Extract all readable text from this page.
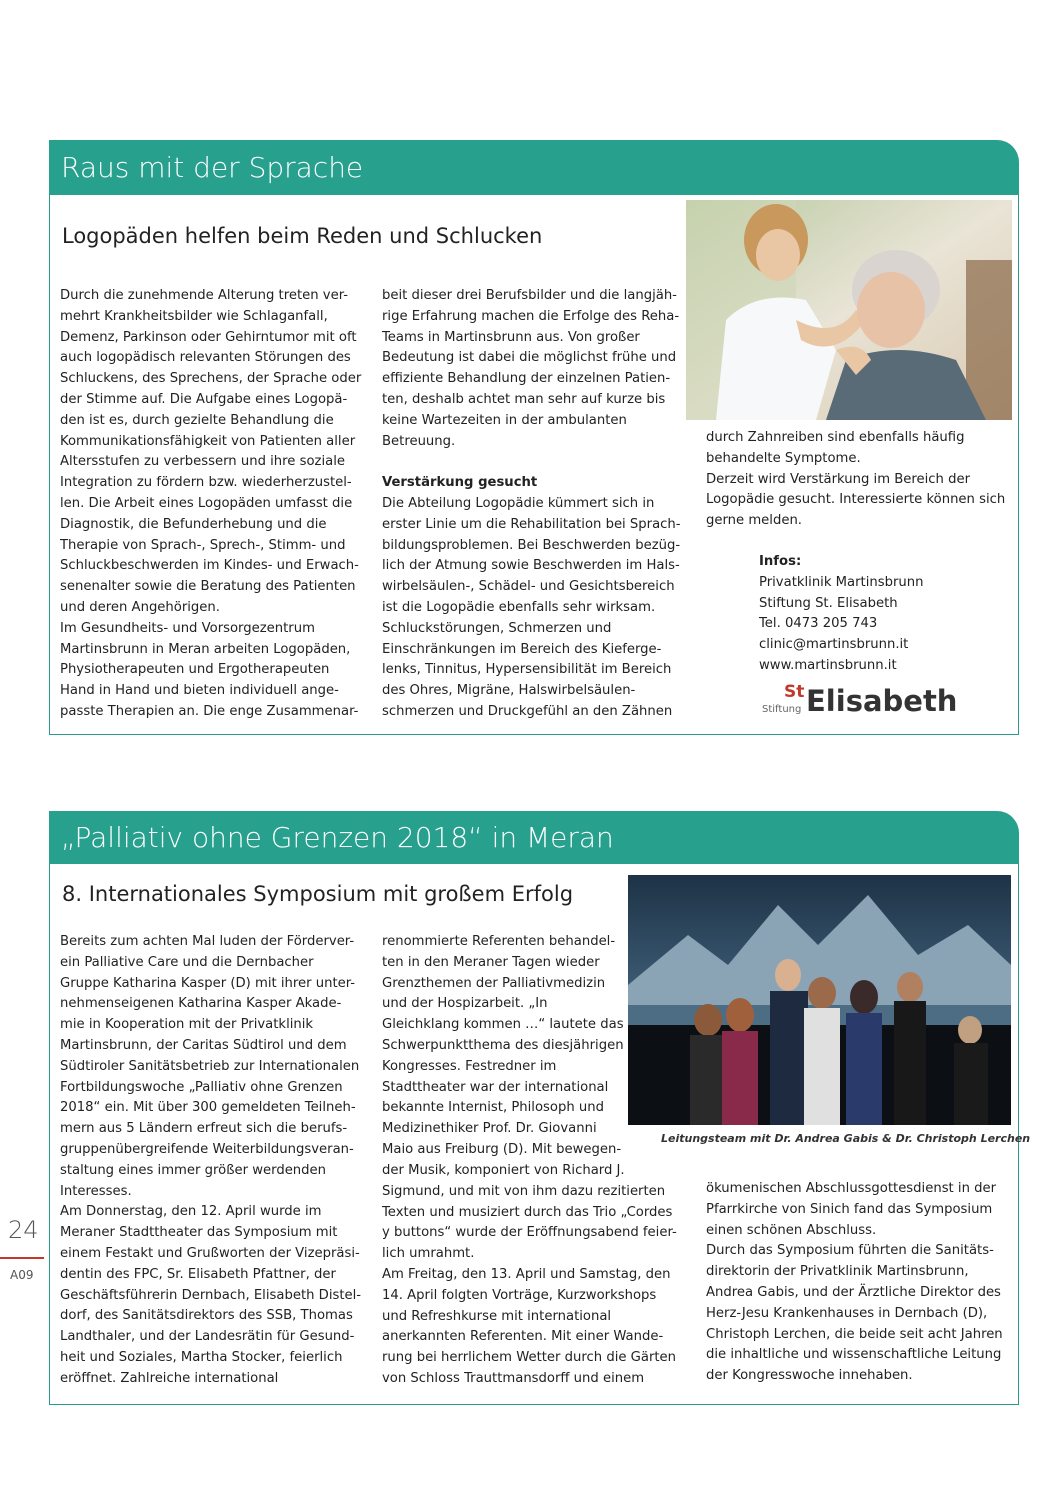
Raus mit der Sprache
Logopäden helfen beim Reden und Schlucken

Durch die zunehmende Alterung treten ver-
mehrt Krankheitsbilder wie Schlaganfall,
Demenz, Parkinson oder Gehirntumor mit oft
auch logopädisch relevanten Störungen des
Schluckens, des Sprechens, der Sprache oder
der Stimme auf. Die Aufgabe eines Logopä-
den ist es, durch gezielte Behandlung die
Kommunikationsfähigkeit von Patienten aller
Altersstufen zu verbessern und ihre soziale
Integration zu fördern bzw. wiederherzustel-
len. Die Arbeit eines Logopäden umfasst die
Diagnostik, die Befunderhebung und die
Therapie von Sprach-, Sprech-, Stimm- und
Schluckbeschwerden im Kindes- und Erwach-
senenalter sowie die Beratung des Patienten
und deren Angehörigen.
Im Gesundheits- und Vorsorgezentrum
Martinsbrunn in Meran arbeiten Logopäden,
Physiotherapeuten und Ergotherapeuten
Hand in Hand und bieten individuell ange-
passte Therapien an. Die enge Zusammenar-

beit dieser drei Berufsbilder und die langjäh-
rige Erfahrung machen die Erfolge des Reha-
Teams in Martinsbrunn aus. Von großer
Bedeutung ist dabei die möglichst frühe und
effiziente Behandlung der einzelnen Patien-
ten, deshalb achtet man sehr auf kurze bis
keine Wartezeiten in der ambulanten
Betreuung.

Verstärkung gesucht

Die Abteilung Logopädie kümmert sich in
erster Linie um die Rehabilitation bei Sprach-
bildungsproblemen. Bei Beschwerden bezüg-
lich der Atmung sowie Beschwerden im Hals-
wirbelsäulen-, Schädel- und Gesichtsbereich
ist die Logopädie ebenfalls sehr wirksam.
Schluckstörungen, Schmerzen und
Einschränkungen im Bereich des Kieferge-
lenks, Tinnitus, Hypersensibilität im Bereich
des Ohres, Migräne, Halswirbelsäulen-
schmerzen und Druckgefühl an den Zähnen

durch Zahnreiben sind ebenfalls häufig
behandelte Symptome.
Derzeit wird Verstärkung im Bereich der
Logopädie gesucht. Interessierte können sich
gerne melden.

Infos:
Privatklinik Martinsbrunn
Stiftung St. Elisabeth
Tel. 0473 205 743
clinic@martinsbrunn.it
www.martinsbrunn.it
St
Stiftung Elisabeth
„Palliativ ohne Grenzen 2018“ in Meran
8. Internationales Symposium mit großem Erfolg
Leitungsteam mit Dr. Andrea Gabis & Dr. Christoph Lerchen

Bereits zum achten Mal luden der Förderver-
ein Palliative Care und die Dernbacher
Gruppe Katharina Kasper (D) mit ihrer unter-
nehmenseigenen Katharina Kasper Akade-
mie in Kooperation mit der Privatklinik
Martinsbrunn, der Caritas Südtirol und dem
Südtiroler Sanitätsbetrieb zur Internationalen
Fortbildungswoche „Palliativ ohne Grenzen
2018“ ein. Mit über 300 gemeldeten Teilneh-
mern aus 5 Ländern erfreut sich die berufs-
gruppenübergreifende Weiterbildungsveran-
staltung eines immer größer werdenden
Interesses.
Am Donnerstag, den 12. April wurde im
Meraner Stadttheater das Symposium mit
einem Festakt und Grußworten der Vizepräsi-
dentin des FPC, Sr. Elisabeth Pfattner, der
Geschäftsführerin Dernbach, Elisabeth Distel-
dorf, des Sanitätsdirektors des SSB, Thomas
Landthaler, und der Landesrätin für Gesund-
heit und Soziales, Martha Stocker, feierlich
eröffnet. Zahlreiche international

renommierte Referenten behandel-
ten in den Meraner Tagen wieder
Grenzthemen der Palliativmedizin
und der Hospizarbeit. „In
Gleichklang kommen …“ lautete das
Schwerpunktthema des diesjährigen
Kongresses. Festredner im
Stadttheater war der international
bekannte Internist, Philosoph und
Medizinethiker Prof. Dr. Giovanni
Maio aus Freiburg (D). Mit bewegen-

der Musik, komponiert von Richard J.
Sigmund, und mit von ihm dazu rezitierten
Texten und musiziert durch das Trio „Cordes
y buttons“ wurde der Eröffnungsabend feier-
lich umrahmt.
Am Freitag, den 13. April und Samstag, den
14. April folgten Vorträge, Kurzworkshops
und Refreshkurse mit international
anerkannten Referenten. Mit einer Wande-
rung bei herrlichem Wetter durch die Gärten
von Schloss Trauttmansdorff und einem

ökumenischen Abschlussgottesdienst in der
Pfarrkirche von Sinich fand das Symposium
einen schönen Abschluss.
Durch das Symposium führten die Sanitäts-
direktorin der Privatklinik Martinsbrunn,
Andrea Gabis, und der Ärztliche Direktor des
Herz-Jesu Krankenhauses in Dernbach (D),
Christoph Lerchen, die beide seit acht Jahren
die inhaltliche und wissenschaftliche Leitung
der Kongresswoche innehaben.

24
A09
